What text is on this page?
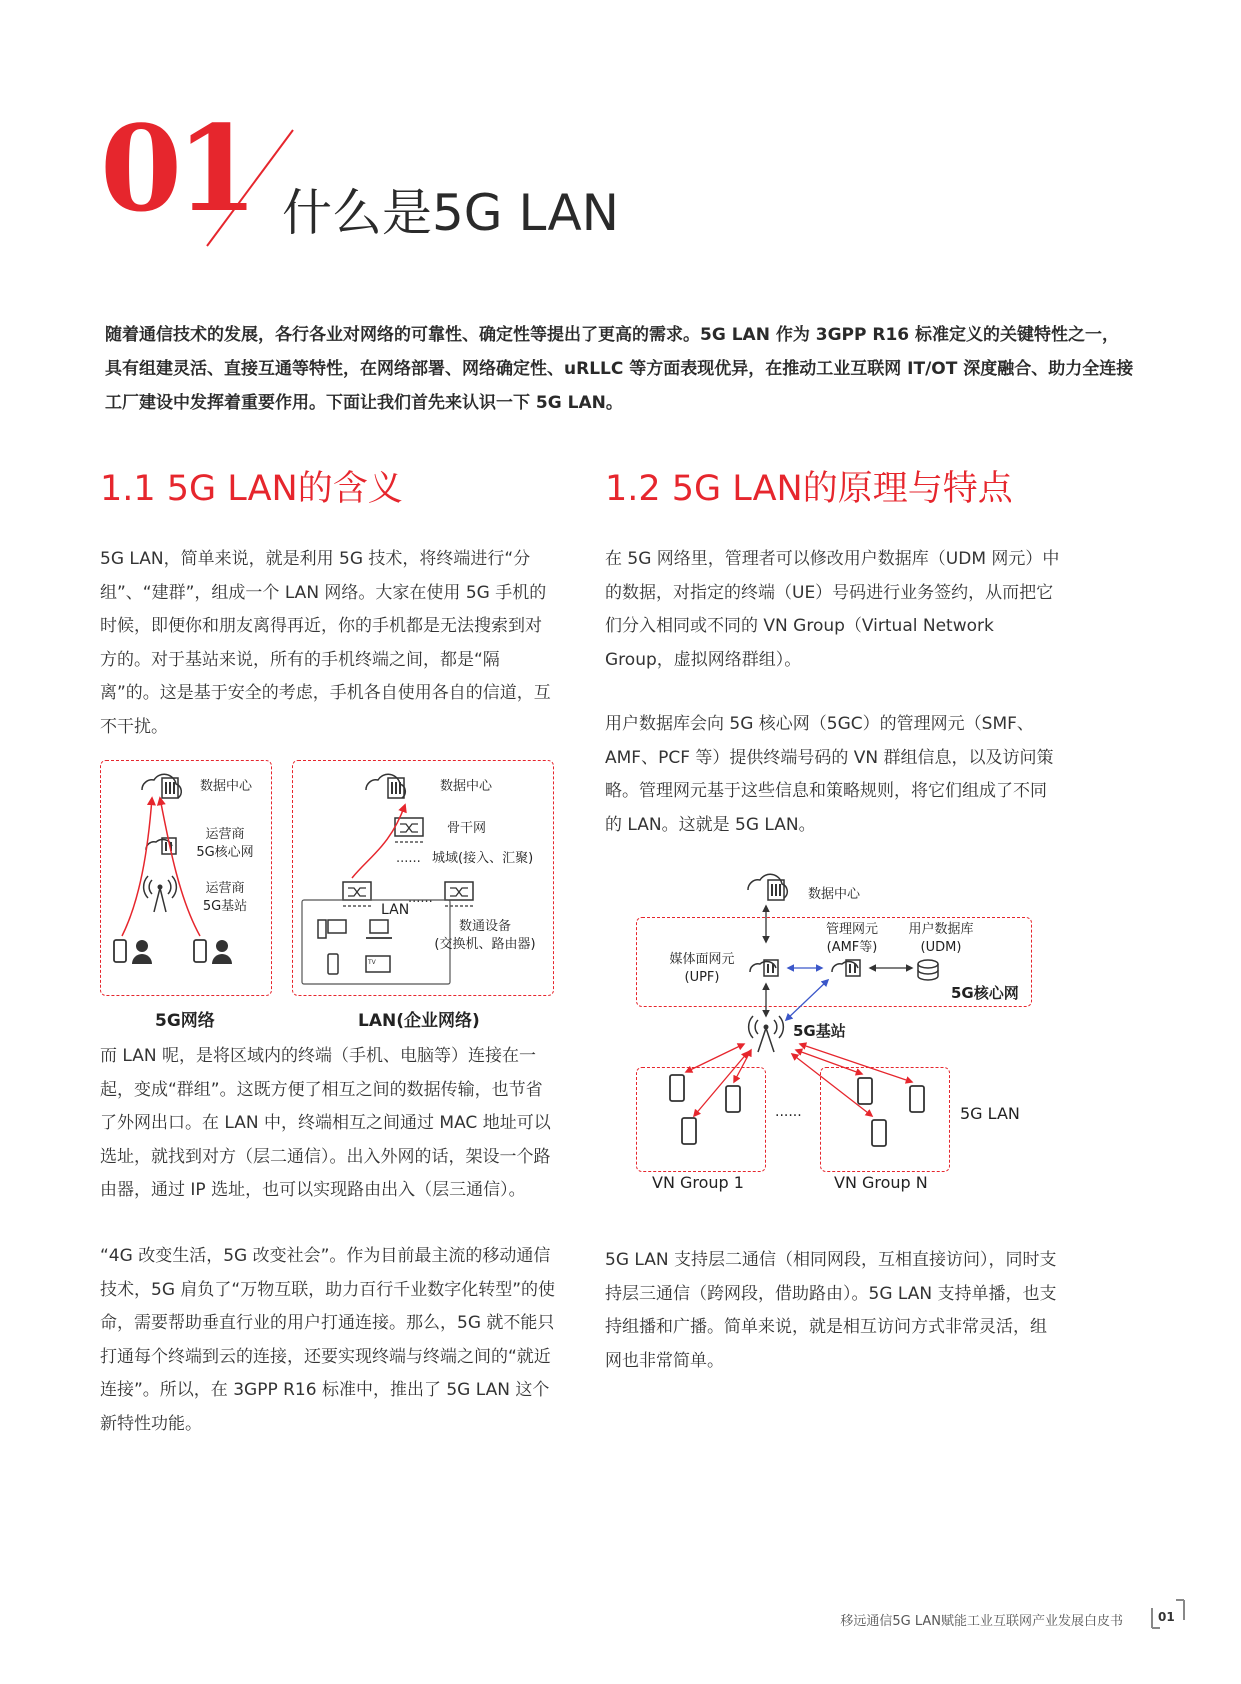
01 什么是5G LAN
随着通信技术的发展，各行各业对网络的可靠性、确定性等提出了更高的需求。5G LAN 作为 3GPP R16 标准定义的关键特性之一，具有组建灵活、直接互通等特性，在网络部署、网络确定性、uRLLC 等方面表现优异，在推动工业互联网 IT/OT 深度融合、助力全连接工厂建设中发挥着重要作用。下面让我们首先来认识一下 5G LAN。
1.1 5G LAN的含义
5G LAN，简单来说，就是利用 5G 技术，将终端进行“分组”、“建群”，组成一个 LAN 网络。大家在使用 5G 手机的时候，即便你和朋友离得再近，你的手机都是无法搜索到对方的。对于基站来说，所有的手机终端之间，都是“隔离”的。这是基于安全的考虑，手机各自使用各自的信道，互不干扰。
......
......
TV
数据中心
运营商
5G核心网
运营商
5G基站
数据中心
骨干网
城域(接入、汇聚)
LAN
数通设备
(交换机、路由器)
5G网络	LAN(企业网络)
而 LAN 呢，是将区域内的终端（手机、电脑等）连接在一起，变成“群组”。这既方便了相互之间的数据传输，也节省了外网出口。在 LAN 中，终端相互之间通过 MAC 地址可以选址，就找到对方（层二通信）。出入外网的话，架设一个路由器，通过 IP 选址，也可以实现路由出入（层三通信）。
“4G 改变生活，5G 改变社会”。作为目前最主流的移动通信技术，5G 肩负了“万物互联，助力百行千业数字化转型”的使命，需要帮助垂直行业的用户打通连接。那么，5G 就不能只打通每个终端到云的连接，还要实现终端与终端之间的“就近连接”。所以，在 3GPP R16 标准中，推出了 5G LAN 这个新特性功能。
1.2 5G LAN的原理与特点
在 5G 网络里，管理者可以修改用户数据库（UDM 网元）中的数据，对指定的终端（UE）号码进行业务签约，从而把它们分入相同或不同的 VN Group（Virtual Network Group，虚拟网络群组）。
用户数据库会向 5G 核心网（5GC）的管理网元（SMF、AMF、PCF 等）提供终端号码的 VN 群组信息，以及访问策略。管理网元基于这些信息和策略规则，将它们组成了不同的 LAN。这就是 5G LAN。
数据中心
媒体面网元
(UPF)
管理网元
(AMF等)
用户数据库
(UDM)
5G核心网
5G基站
......	5G LAN
VN Group 1	VN Group N
5G LAN 支持层二通信（相同网段，互相直接访问），同时支持层三通信（跨网段，借助路由）。5G LAN 支持单播，也支持组播和广播。简单来说，就是相互访问方式非常灵活，组网也非常简单。
移远通信5G LAN赋能工业互联网产业发展白皮书	01
